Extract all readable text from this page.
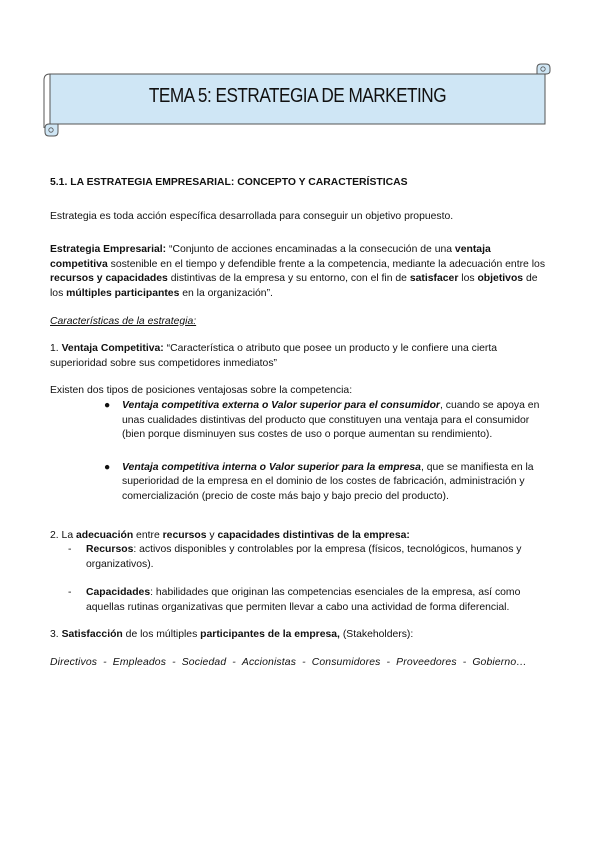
TEMA 5: ESTRATEGIA DE MARKETING

5.1. LA ESTRATEGIA EMPRESARIAL: CONCEPTO Y CARACTERÍSTICAS

Estrategia es toda acción específica desarrollada para conseguir un objetivo propuesto.

Estrategia Empresarial: “Conjunto de acciones encaminadas a la consecución de una ventaja competitiva sostenible en el tiempo y defendible frente a la competencia, mediante la adecuación entre los recursos y capacidades distintivas de la empresa y su entorno, con el fin de satisfacer los objetivos de los múltiples participantes en la organización”.

Características de la estrategia:

1. Ventaja Competitiva: “Característica o atributo que posee un producto y le confiere una cierta superioridad sobre sus competidores inmediatos”

Existen dos tipos de posiciones ventajosas sobre la competencia:

● Ventaja competitiva externa o Valor superior para el consumidor, cuando se apoya en unas cualidades distintivas del producto que constituyen una ventaja para el consumidor (bien porque disminuyen sus costes de uso o porque aumentan su rendimiento).
● Ventaja competitiva interna o Valor superior para la empresa, que se manifiesta en la superioridad de la empresa en el dominio de los costes de fabricación, administración y comercialización (precio de coste más bajo y bajo precio del producto).

2. La adecuación entre recursos y capacidades distintivas de la empresa:

- Recursos: activos disponibles y controlables por la empresa (físicos, tecnológicos, humanos y organizativos).
- Capacidades: habilidades que originan las competencias esenciales de la empresa, así como aquellas rutinas organizativas que permiten llevar a cabo una actividad de forma diferencial.

3. Satisfacción de los múltiples participantes de la empresa, (Stakeholders):

Directivos - Empleados - Sociedad - Accionistas - Consumidores - Proveedores - Gobierno…
